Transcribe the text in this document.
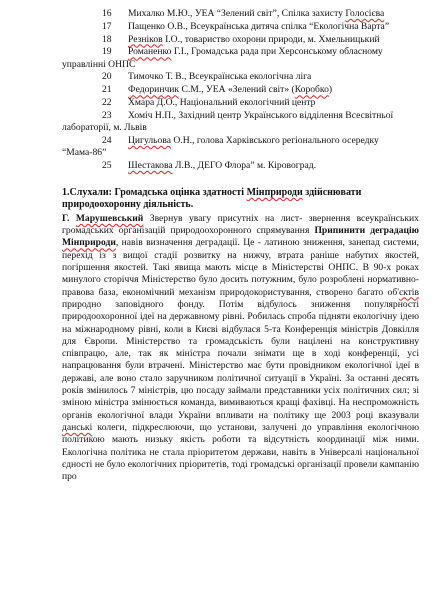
16 Михалко М.Ю., УЕА “Зелений світ”, Спілка захисту Голосієва
17 Пащенко О.В., Всеукраїнська дитяча спілка “Екологічна Варта”
18 Резніков І.О., товариство охорони природи, м. Хмельницький
19 Романенко Г.І., Громадська рада при Херсонському обласному управлінні ОНПС
20 Тимочко Т. В., Всеукраїнська екологічна ліга
21 Федоринчик С.М., УЕА «Зелений світ» (Коробко)
22 Хмара Д.О., Національний екологічний центр
23 Хоміч Н.П., Західний центр Українського відділення Всесвітньої лабораторії, м. Львів
24 Цигульова О.Н., голова Харківського регіонального осередку “Мама-86”
25 Шестакова Л.В., ДЕГО Флора” м. Кіровоград.
1.Слухали: Громадська оцінка здатності Мінприроди здійснювати природоохоронну діяльність.
Г. Марушевський Звернув увагу присутніх на лист- звернення всеукраїнських громадських організацій природоохоронного спрямування Припинити деградацію Мінприроди, навів визначення деградації. Це - латиною зниження, занепад системи, перехід із з вищої стадії розвитку на нижчу, втрата раніше набутих якостей, погіршення якостей. Такі явища мають місце в Міністерстві ОНПС. В 90-х роках минулого сторіччя Міністерство було досить потужним, було розроблені нормативно-правова база, економічний механізм природокористування, створено багато об'єктів природно заповідного фонду. Потім відбулось зниження популярності природоохоронної ідеї на державному рівні. Робилась спроба підняти екологічну ідею на міжнародному рівні, коли в Києві відбулася 5-та Конференція міністрів Довкілля для Європи. Міністерство та громадськість були націлені на конструктивну співпрацю, але, так як міністра почали знімати ще в ході конференції, усі напрацювання були втрачені. Міністерство має бути провідником екологічної ідеї в державі, але воно стало заручником політичної ситуації в Україні. За останні десять років змінилось 7 міністрів, цю посаду займали представники усіх політичних сил; зі зміною міністра змінюється команда, вимиваються кращі фахівці. На неспроможність органів екологічної влади України впливати на політику ще 2003 році вказували данські колеги, підкреслюючи, що установи, залучені до управління екологічною політикою мають низьку якість роботи та відсутність координації між ними. Екологічна політика не стала пріоритетом держави, навіть в Універсалі національної єдності не було екологічних пріоритетів, тоді громадські організації провели кампанію про
